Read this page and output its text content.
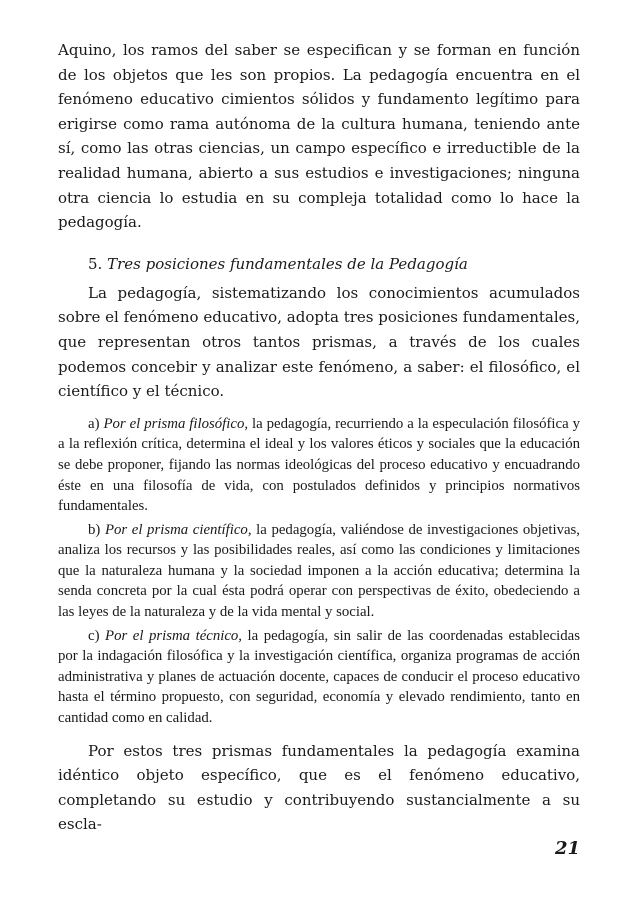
Aquino, los ramos del saber se especifican y se forman en función de los objetos que les son propios. La pedagogía encuentra en el fenómeno educativo cimientos sólidos y fundamento legítimo para erigirse como rama autónoma de la cultura humana, teniendo ante sí, como las otras ciencias, un campo específico e irreductible de la realidad humana, abierto a sus estudios e investigaciones; ninguna otra ciencia lo estudia en su compleja totalidad como lo hace la pedagogía.

5. Tres posiciones fundamentales de la Pedagogía

La pedagogía, sistematizando los conocimientos acumulados sobre el fenómeno educativo, adopta tres posiciones fundamentales, que representan otros tantos prismas, a través de los cuales podemos concebir y analizar este fenómeno, a saber: el filosófico, el científico y el técnico.

a) Por el prisma filosófico, la pedagogía, recurriendo a la especulación filosófica y a la reflexión crítica, determina el ideal y los valores éticos y sociales que la educación se debe proponer, fijando las normas ideológicas del proceso educativo y encuadrando éste en una filosofía de vida, con postulados definidos y principios normativos fundamentales.

b) Por el prisma científico, la pedagogía, valiéndose de investigaciones objetivas, analiza los recursos y las posibilidades reales, así como las condiciones y limitaciones que la naturaleza humana y la sociedad imponen a la acción educativa; determina la senda concreta por la cual ésta podrá operar con perspectivas de éxito, obedeciendo a las leyes de la naturaleza y de la vida mental y social.

c) Por el prisma técnico, la pedagogía, sin salir de las coordenadas establecidas por la indagación filosófica y la investigación científica, organiza programas de acción administrativa y planes de actuación docente, capaces de conducir el proceso educativo hasta el término propuesto, con seguridad, economía y elevado rendimiento, tanto en cantidad como en calidad.

Por estos tres prismas fundamentales la pedagogía examina idéntico objeto específico, que es el fenómeno educativo, completando su estudio y contribuyendo sustancialmente a su escla-

21
